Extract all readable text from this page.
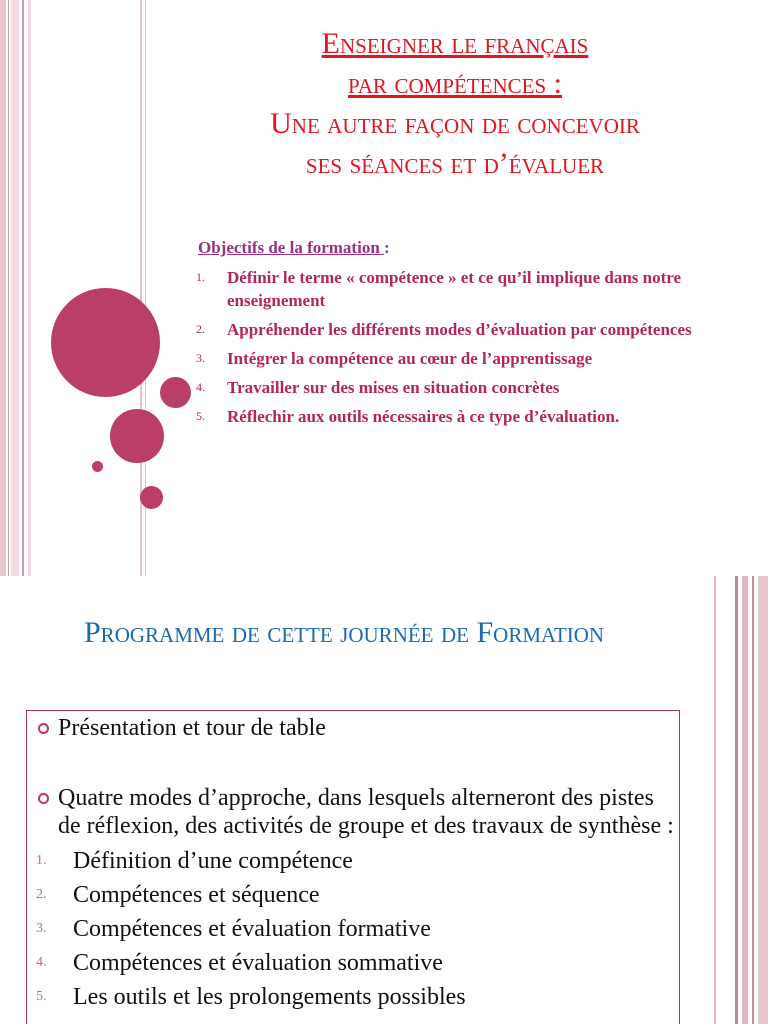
Enseigner le français
par compétences :
Une autre façon de concevoir
ses séances et d’évaluer
Objectifs de la formation :
1. Définir le terme « compétence » et ce qu’il implique dans notre enseignement
2. Appréhender les différents modes d’évaluation par compétences
3. Intégrer la compétence au cœur de l’apprentissage
4. Travailler sur des mises en situation concrètes
5. Réflechir aux outils nécessaires à ce type d’évaluation.
Programme de cette journée de Formation
Présentation et tour de table
Quatre modes d’approche, dans lesquels alterneront des pistes de réflexion, des activités de groupe et des travaux de synthèse :
1. Définition d’une compétence
2. Compétences et séquence
3. Compétences et évaluation formative
4. Compétences et évaluation sommative
5. Les outils et les prolongements possibles
